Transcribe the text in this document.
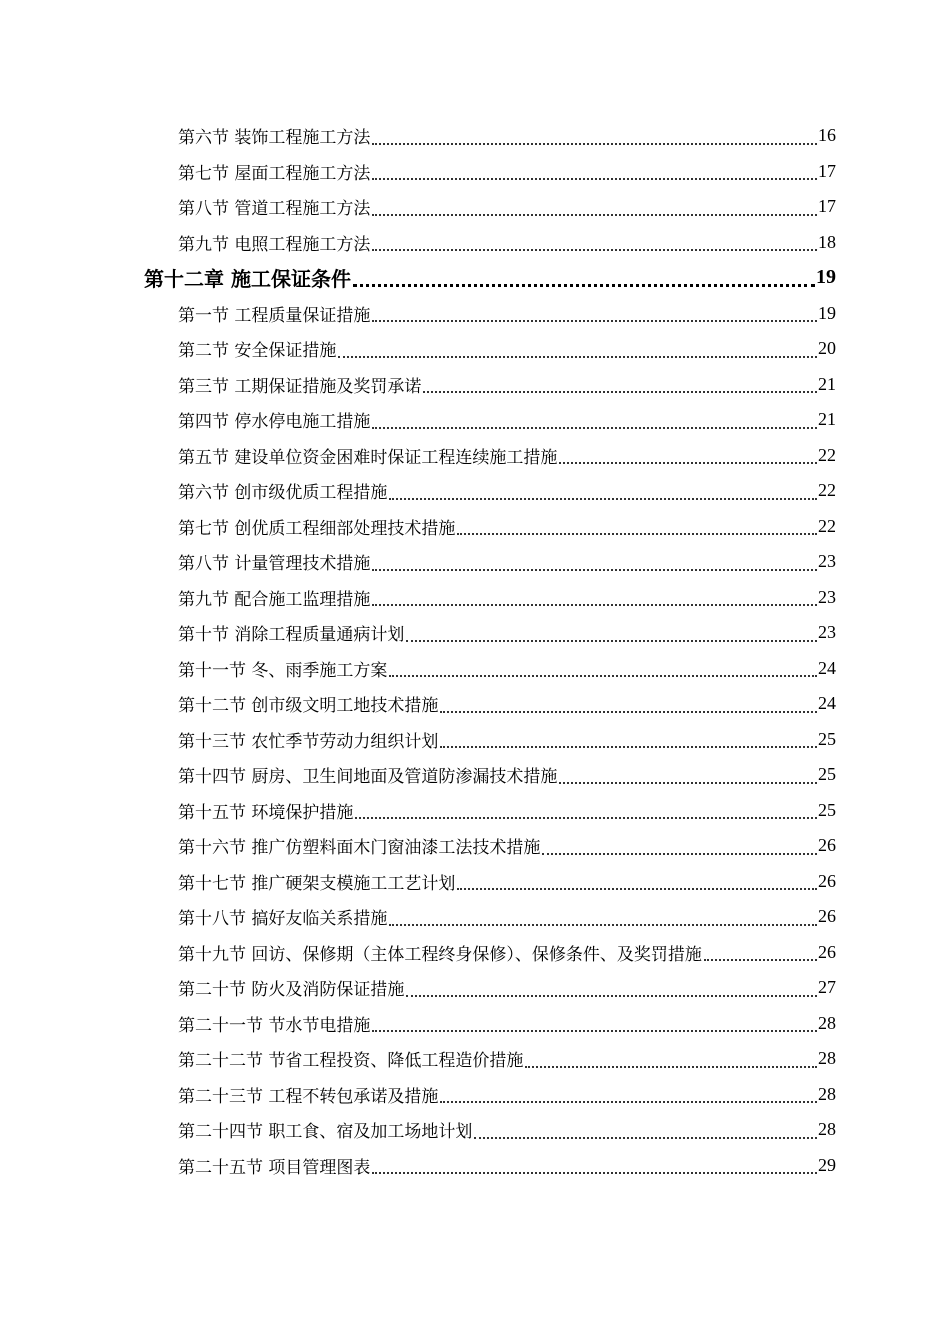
第六节 装饰工程施工方法	16
第七节 屋面工程施工方法	17
第八节 管道工程施工方法	17
第九节 电照工程施工方法	18
第十二章 施工保证条件	19
第一节 工程质量保证措施	19
第二节 安全保证措施	20
第三节 工期保证措施及奖罚承诺	21
第四节 停水停电施工措施	21
第五节 建设单位资金困难时保证工程连续施工措施	22
第六节 创市级优质工程措施	22
第七节 创优质工程细部处理技术措施	22
第八节 计量管理技术措施	23
第九节 配合施工监理措施	23
第十节 消除工程质量通病计划	23
第十一节 冬、雨季施工方案	24
第十二节 创市级文明工地技术措施	24
第十三节 农忙季节劳动力组织计划	25
第十四节 厨房、卫生间地面及管道防渗漏技术措施	25
第十五节 环境保护措施	25
第十六节 推广仿塑料面木门窗油漆工法技术措施	26
第十七节 推广硬架支模施工工艺计划	26
第十八节 搞好友临关系措施	26
第十九节 回访、保修期（主体工程终身保修）、保修条件、及奖罚措施	26
第二十节 防火及消防保证措施	27
第二十一节 节水节电措施	28
第二十二节 节省工程投资、降低工程造价措施	28
第二十三节 工程不转包承诺及措施	28
第二十四节 职工食、宿及加工场地计划	28
第二十五节 项目管理图表	29
